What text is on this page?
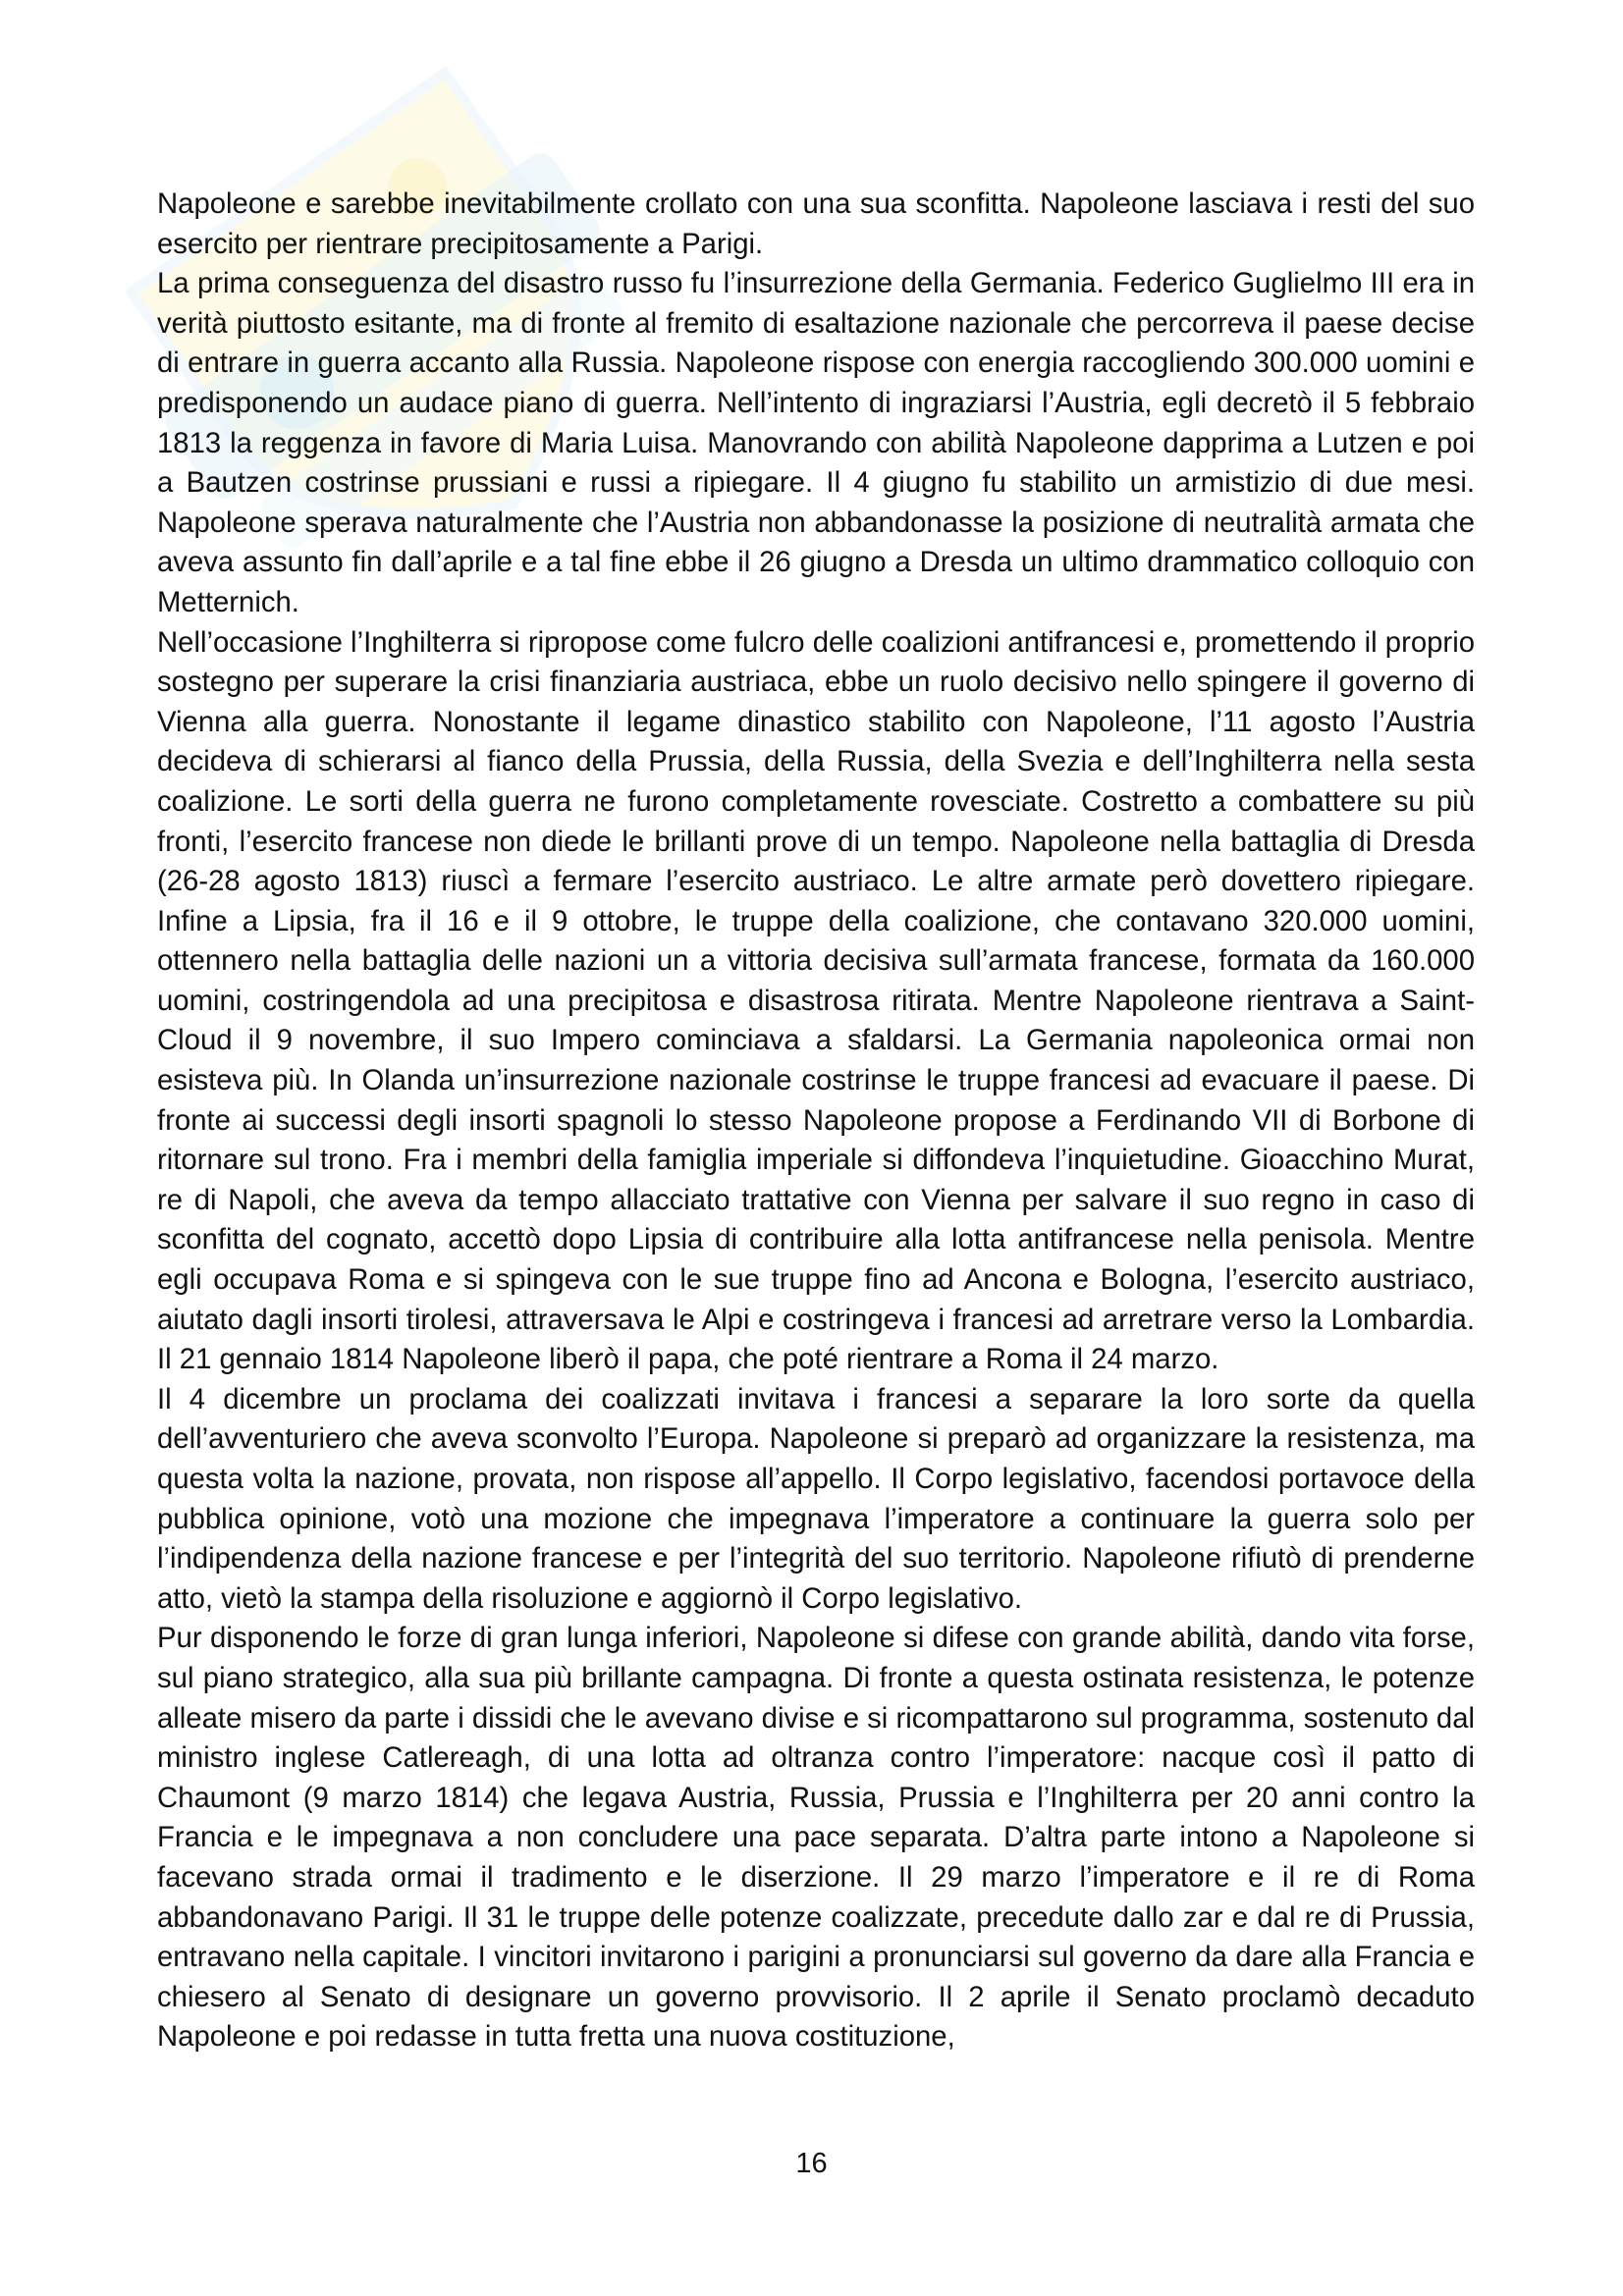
Napoleone e sarebbe inevitabilmente crollato con una sua sconfitta. Napoleone lasciava i resti del suo esercito per rientrare precipitosamente a Parigi.

La prima conseguenza del disastro russo fu l’insurrezione della Germania. Federico Guglielmo III era in verità piuttosto esitante, ma di fronte al fremito di esaltazione nazionale che percorreva il paese decise di entrare in guerra accanto alla Russia. Napoleone rispose con energia raccogliendo 300.000 uomini e predisponendo un audace piano di guerra. Nell’intento di ingraziarsi l’Austria, egli decretò il 5 febbraio 1813 la reggenza in favore di Maria Luisa. Manovrando con abilità Napoleone dapprima a Lutzen e poi a Bautzen costrinse prussiani e russi a ripiegare. Il 4 giugno fu stabilito un armistizio di due mesi. Napoleone sperava naturalmente che l’Austria non abbandonasse la posizione di neutralità armata che aveva assunto fin dall’aprile e a tal fine ebbe il 26 giugno a Dresda un ultimo drammatico colloquio con Metternich.

Nell’occasione l’Inghilterra si ripropose come fulcro delle coalizioni antifrancesi e, promettendo il proprio sostegno per superare la crisi finanziaria austriaca, ebbe un ruolo decisivo nello spingere il governo di Vienna alla guerra. Nonostante il legame dinastico stabilito con Napoleone, l’11 agosto l’Austria decideva di schierarsi al fianco della Prussia, della Russia, della Svezia e dell’Inghilterra nella sesta coalizione. Le sorti della guerra ne furono completamente rovesciate. Costretto a combattere su più fronti, l’esercito francese non diede le brillanti prove di un tempo. Napoleone nella battaglia di Dresda (26-28 agosto 1813) riuscì a fermare l’esercito austriaco. Le altre armate però dovettero ripiegare. Infine a Lipsia, fra il 16 e il 9 ottobre, le truppe della coalizione, che contavano 320.000 uomini, ottennero nella battaglia delle nazioni un a vittoria decisiva sull’armata francese, formata da 160.000 uomini, costringendola ad una precipitosa e disastrosa ritirata. Mentre Napoleone rientrava a Saint-Cloud il 9 novembre, il suo Impero cominciava a sfaldarsi. La Germania napoleonica ormai non esisteva più. In Olanda un’insurrezione nazionale costrinse le truppe francesi ad evacuare il paese. Di fronte ai successi degli insorti spagnoli lo stesso Napoleone propose a Ferdinando VII di Borbone di ritornare sul trono. Fra i membri della famiglia imperiale si diffondeva l’inquietudine. Gioacchino Murat, re di Napoli, che aveva da tempo allacciato trattative con Vienna per salvare il suo regno in caso di sconfitta del cognato, accettò dopo Lipsia di contribuire alla lotta antifrancese nella penisola. Mentre egli occupava Roma e si spingeva con le sue truppe fino ad Ancona e Bologna, l’esercito austriaco, aiutato dagli insorti tirolesi, attraversava le Alpi e costringeva i francesi ad arretrare verso la Lombardia. Il 21 gennaio 1814 Napoleone liberò il papa, che poté rientrare a Roma il 24 marzo.

Il 4 dicembre un proclama dei coalizzati invitava i francesi a separare la loro sorte da quella dell’avventuriero che aveva sconvolto l’Europa. Napoleone si preparò ad organizzare la resistenza, ma questa volta la nazione, provata, non rispose all’appello. Il Corpo legislativo, facendosi portavoce della pubblica opinione, votò una mozione che impegnava l’imperatore a continuare la guerra solo per l’indipendenza della nazione francese e per l’integrità del suo territorio. Napoleone rifiutò di prenderne atto, vietò la stampa della risoluzione e aggiornò il Corpo legislativo.

Pur disponendo le forze di gran lunga inferiori, Napoleone si difese con grande abilità, dando vita forse, sul piano strategico, alla sua più brillante campagna. Di fronte a questa ostinata resistenza, le potenze alleate misero da parte i dissidi che le avevano divise e si ricompattarono sul programma, sostenuto dal ministro inglese Catlereagh, di una lotta ad oltranza contro l’imperatore: nacque così il patto di Chaumont (9 marzo 1814) che legava Austria, Russia, Prussia e l’Inghilterra per 20 anni contro la Francia e le impegnava a non concludere una pace separata. D’altra parte intono a Napoleone si facevano strada ormai il tradimento e le diserzione. Il 29 marzo l’imperatore e il re di Roma abbandonavano Parigi. Il 31 le truppe delle potenze coalizzate, precedute dallo zar e dal re di Prussia, entravano nella capitale. I vincitori invitarono i parigini a pronunciarsi sul governo da dare alla Francia e chiesero al Senato di designare un governo provvisorio. Il 2 aprile il Senato proclamò decaduto Napoleone e poi redasse in tutta fretta una nuova costituzione,

16
